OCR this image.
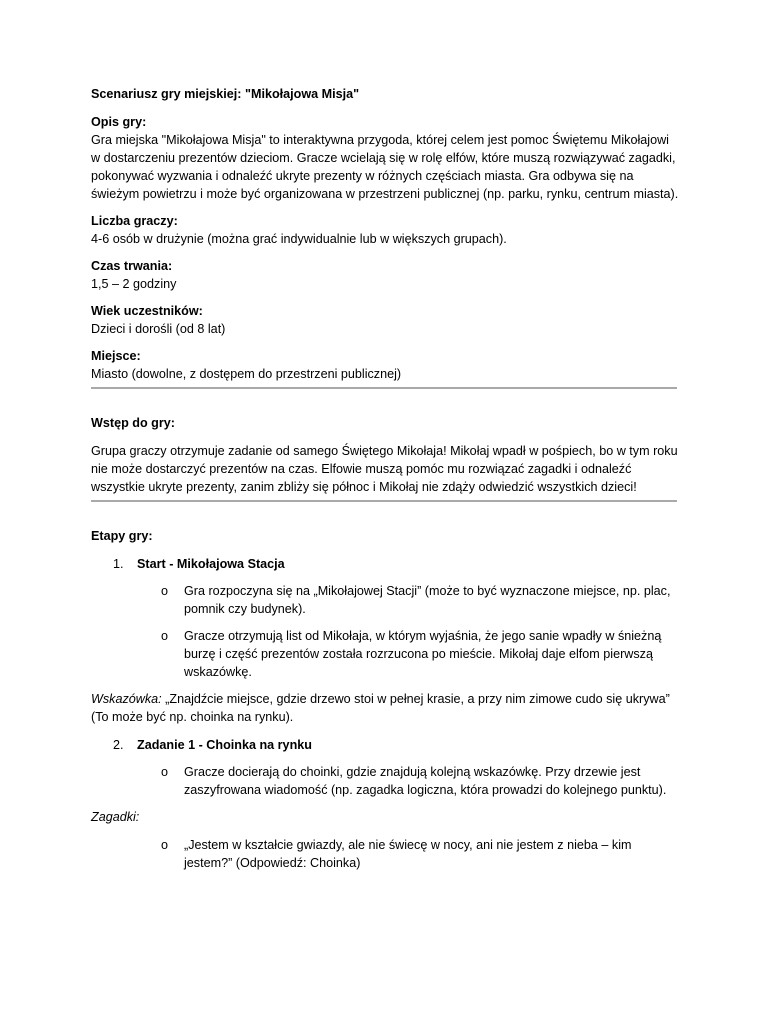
Scenariusz gry miejskiej: "Mikołajowa Misja"

Opis gry:

Gra miejska "Mikołajowa Misja" to interaktywna przygoda, której celem jest pomoc Świętemu Mikołajowi w dostarczeniu prezentów dzieciom. Gracze wcielają się w rolę elfów, które muszą rozwiązywać zagadki, pokonywać wyzwania i odnaleźć ukryte prezenty w różnych częściach miasta. Gra odbywa się na świeżym powietrzu i może być organizowana w przestrzeni publicznej (np. parku, rynku, centrum miasta).

Liczba graczy:

4-6 osób w drużynie (można grać indywidualnie lub w większych grupach).

Czas trwania:

1,5 – 2 godziny

Wiek uczestników:

Dzieci i dorośli (od 8 lat)

Miejsce:

Miasto (dowolne, z dostępem do przestrzeni publicznej)

Wstęp do gry:

Grupa graczy otrzymuje zadanie od samego Świętego Mikołaja! Mikołaj wpadł w pośpiech, bo w tym roku nie może dostarczyć prezentów na czas. Elfowie muszą pomóc mu rozwiązać zagadki i odnaleźć wszystkie ukryte prezenty, zanim zbliży się północ i Mikołaj nie zdąży odwiedzić wszystkich dzieci!

Etapy gry:

1. Start - Mikołajowa Stacja
o Gra rozpoczyna się na „Mikołajowej Stacji” (może to być wyznaczone miejsce, np. plac, pomnik czy budynek).
o Gracze otrzymują list od Mikołaja, w którym wyjaśnia, że jego sanie wpadły w śnieżną burzę i część prezentów została rozrzucona po mieście. Mikołaj daje elfom pierwszą wskazówkę.

Wskazówka: „Znajdźcie miejsce, gdzie drzewo stoi w pełnej krasie, a przy nim zimowe cudo się ukrywa” (To może być np. choinka na rynku).

2. Zadanie 1 - Choinka na rynku
o Gracze docierają do choinki, gdzie znajdują kolejną wskazówkę. Przy drzewie jest zaszyfrowana wiadomość (np. zagadka logiczna, która prowadzi do kolejnego punktu).

Zagadki:

o „Jestem w kształcie gwiazdy, ale nie świecę w nocy, ani nie jestem z nieba – kim jestem?” (Odpowiedź: Choinka)
